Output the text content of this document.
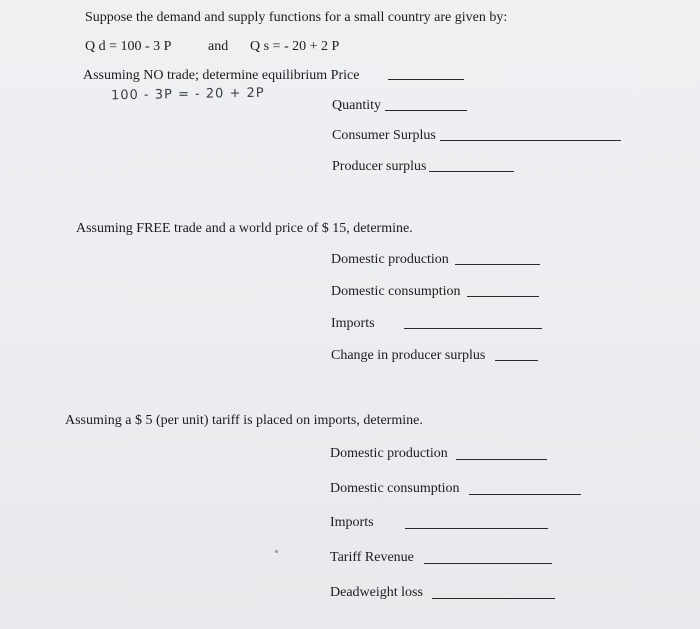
Suppose the demand and supply functions for a small country are given by:
Q d = 100 - 3 P	and Q s = - 20 + 2 P
Assuming NO trade; determine equilibrium Price
100 - 3P = - 20 + 2P
Quantity
Consumer Surplus
Producer surplus
Assuming FREE trade and a world price of $ 15, determine.
Domestic production
Domestic consumption
Imports
Change in producer surplus
Assuming a $ 5 (per unit) tariff is placed on imports, determine.
Domestic production
Domestic consumption
Imports
Tariff Revenue
Deadweight loss
